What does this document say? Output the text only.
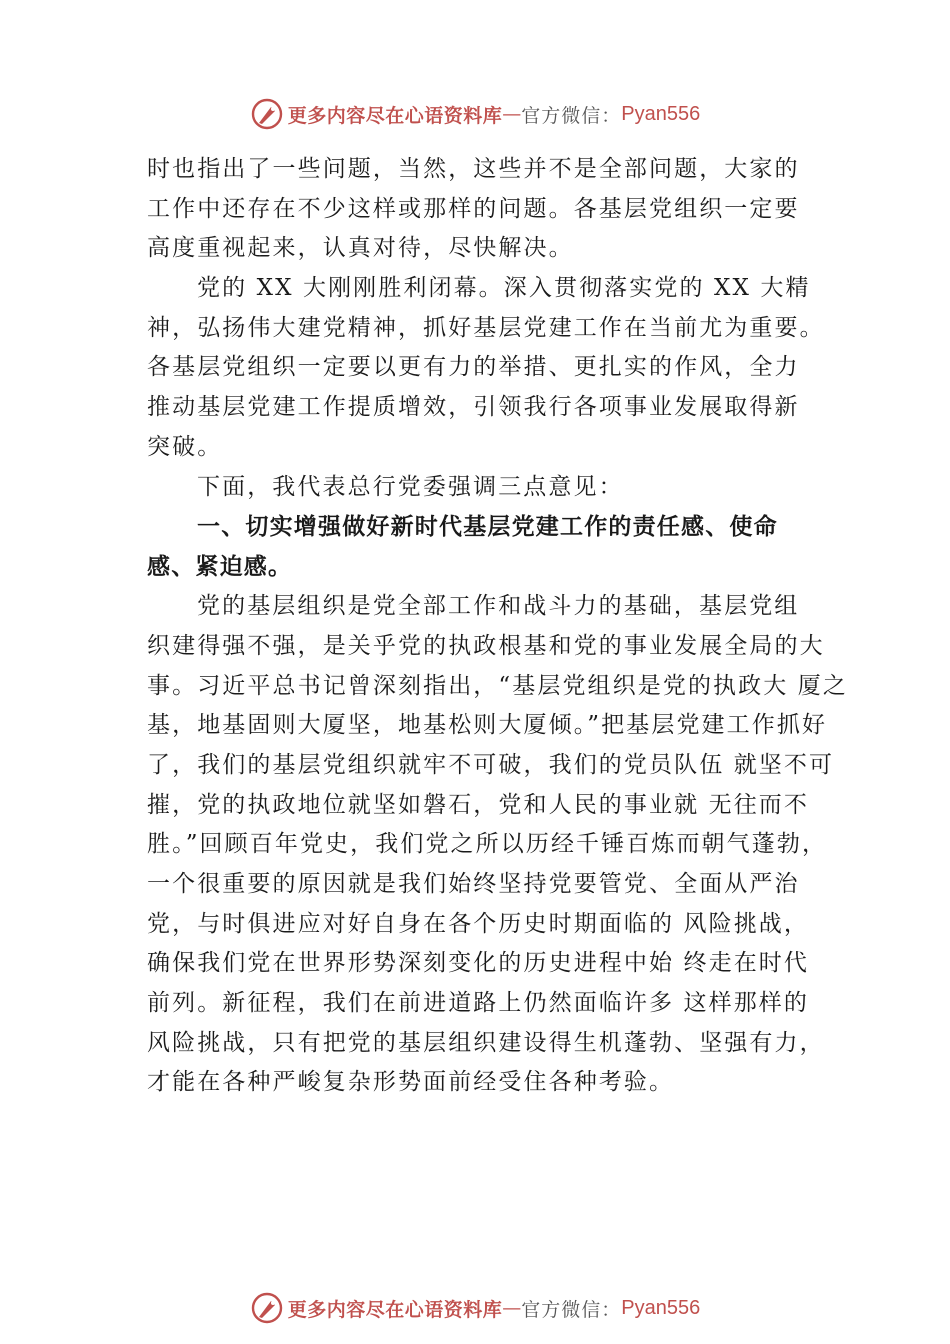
更多内容尽在心语资料库 — 官方微信： Pyan556
时也指出了一些问题，当然，这些并不是全部问题，大家的
工作中还存在不少这样或那样的问题。各基层党组织一定要
高度重视起来，认真对待，尽快解决。
党的 XX 大刚刚胜利闭幕。深入贯彻落实党的 XX 大精
神，弘扬伟大建党精神，抓好基层党建工作在当前尤为重要。
各基层党组织一定要以更有力的举措、更扎实的作风，全力
推动基层党建工作提质增效，引领我行各项事业发展取得新
突破。
下面，我代表总行党委强调三点意见：
一、切实增强做好新时代基层党建工作的责任感、使命
感、紧迫感。
党的基层组织是党全部工作和战斗力的基础，基层党组
织建得强不强，是关乎党的执政根基和党的事业发展全局的大
事。习近平总书记曾深刻指出，“基层党组织是党的执政大 厦之
基，地基固则大厦坚，地基松则大厦倾。”把基层党建工作抓好
了，我们的基层党组织就牢不可破，我们的党员队伍 就坚不可
摧，党的执政地位就坚如磐石，党和人民的事业就 无往而不
胜。”回顾百年党史，我们党之所以历经千锤百炼而朝气蓬勃，
一个很重要的原因就是我们始终坚持党要管党、全面从严治
党，与时俱进应对好自身在各个历史时期面临的 风险挑战，
确保我们党在世界形势深刻变化的历史进程中始 终走在时代
前列。新征程，我们在前进道路上仍然面临许多 这样那样的
风险挑战，只有把党的基层组织建设得生机蓬勃、坚强有力，
才能在各种严峻复杂形势面前经受住各种考验。
更多内容尽在心语资料库 — 官方微信： Pyan556
